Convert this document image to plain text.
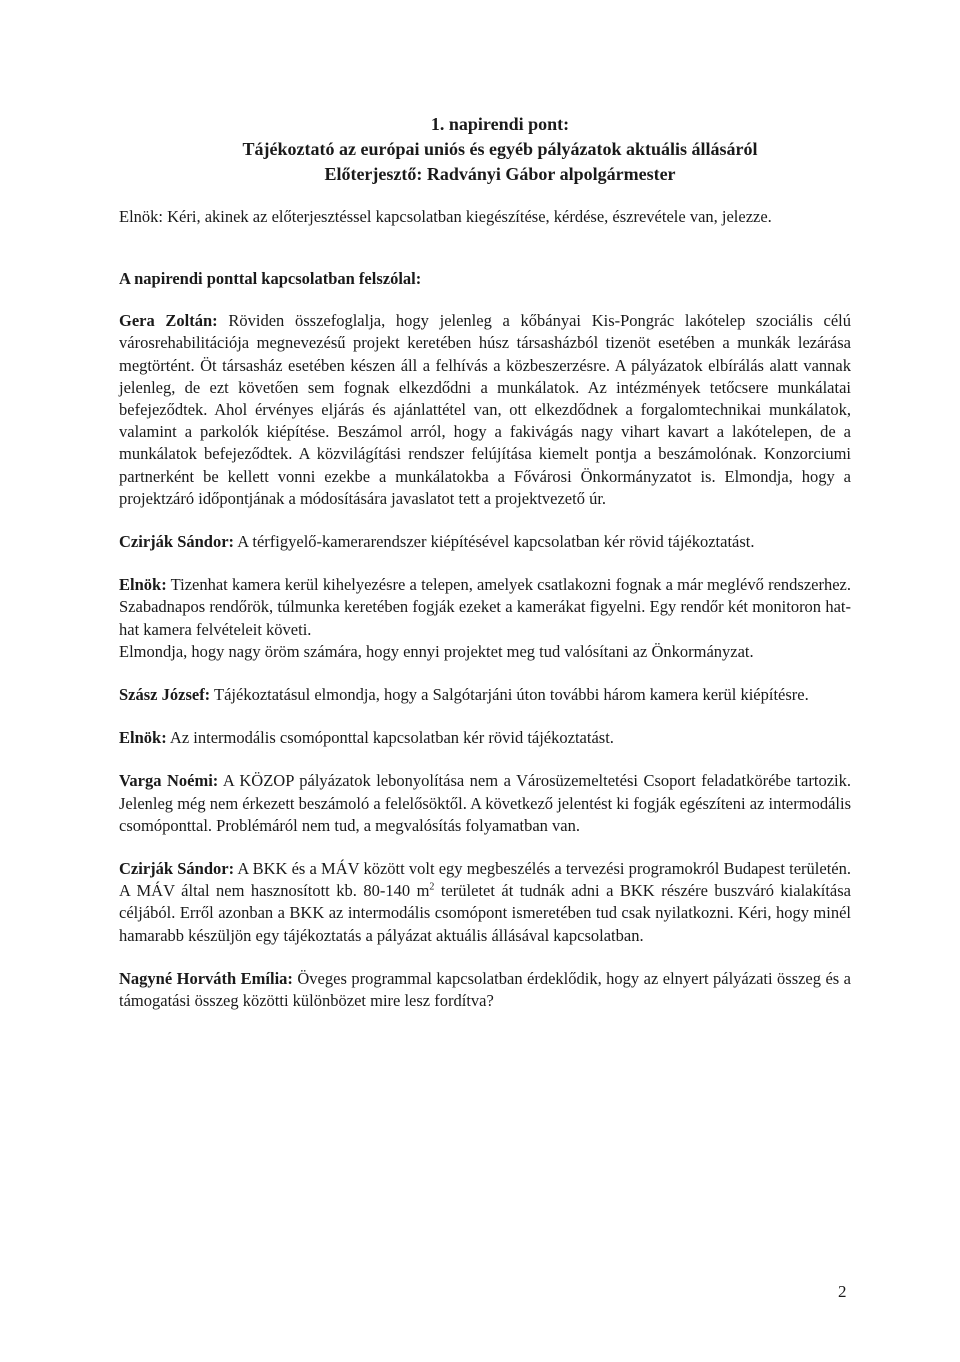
1. napirendi pont:
Tájékoztató az európai uniós és egyéb pályázatok aktuális állásáról
Előterjesztő: Radványi Gábor alpolgármester

Elnök: Kéri, akinek az előterjesztéssel kapcsolatban kiegészítése, kérdése, észrevétele van, jelezze.

A napirendi ponttal kapcsolatban felszólal:

Gera Zoltán: Röviden összefoglalja, hogy jelenleg a kőbányai Kis-Pongrác lakótelep szociális célú városrehabilitációja megnevezésű projekt keretében húsz társasházból tizenöt esetében a munkák lezárása megtörtént. Öt társasház esetében készen áll a felhívás a közbeszerzésre. A pályázatok elbírálás alatt vannak jelenleg, de ezt követően sem fognak elkezdődni a munkálatok. Az intézmények tetőcsere munkálatai befejeződtek. Ahol érvényes eljárás és ajánlattétel van, ott elkezdődnek a forgalomtechnikai munkálatok, valamint a parkolók kiépítése. Beszámol arról, hogy a fakivágás nagy vihart kavart a lakótelepen, de a munkálatok befejeződtek. A közvilágítási rendszer felújítása kiemelt pontja a beszámolónak. Konzorciumi partnerként be kellett vonni ezekbe a munkálatokba a Fővárosi Önkormányzatot is. Elmondja, hogy a projektzáró időpontjának a módosítására javaslatot tett a projektvezető úr.

Czirják Sándor: A térfigyelő-kamerarendszer kiépítésével kapcsolatban kér rövid tájékoztatást.

Elnök: Tizenhat kamera kerül kihelyezésre a telepen, amelyek csatlakozni fognak a már meglévő rendszerhez. Szabadnapos rendőrök, túlmunka keretében fogják ezeket a kamerákat figyelni. Egy rendőr két monitoron hat-hat kamera felvételeit követi.

Elmondja, hogy nagy öröm számára, hogy ennyi projektet meg tud valósítani az Önkormányzat.

Szász József: Tájékoztatásul elmondja, hogy a Salgótarjáni úton további három kamera kerül kiépítésre.

Elnök: Az intermodális csomóponttal kapcsolatban kér rövid tájékoztatást.

Varga Noémi: A KÖZOP pályázatok lebonyolítása nem a Városüzemeltetési Csoport feladatkörébe tartozik. Jelenleg még nem érkezett beszámoló a felelősöktől. A következő jelentést ki fogják egészíteni az intermodális csomóponttal. Problémáról nem tud, a megvalósítás folyamatban van.

Czirják Sándor: A BKK és a MÁV között volt egy megbeszélés a tervezési programokról Budapest területén. A MÁV által nem hasznosított kb. 80-140 $m^2$ területet át tudnák adni a BKK részére buszváró kialakítása céljából. Erről azonban a BKK az intermodális csomópont ismeretében tud csak nyilatkozni. Kéri, hogy minél hamarabb készüljön egy tájékoztatás a pályázat aktuális állásával kapcsolatban.

Nagyné Horváth Emília: Öveges programmal kapcsolatban érdeklődik, hogy az elnyert pályázati összeg és a támogatási összeg közötti különbözet mire lesz fordítva?

2
